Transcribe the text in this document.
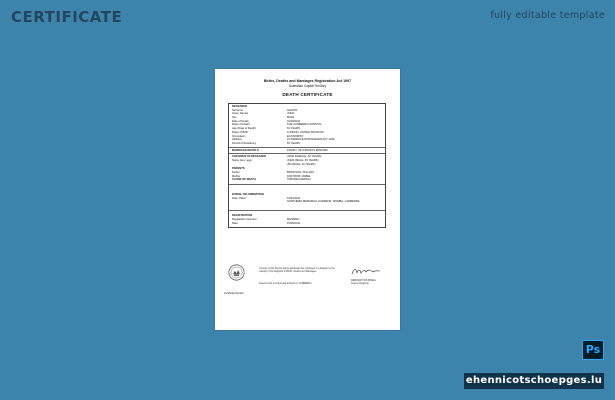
CERTIFICATE	fully editable template
Births, Deaths and Marriages Registration Act 1997
Australian Capital Territory
DEATH CERTIFICATE
DECEASED
Surname	LEGION
Given Names	JOHN
Sex	MALE
Date of Death	01/09/2011
Place of Death	THE CANBERRA HOSPITAL
Age (Date of Death)	81 YEARS
Place of Birth	LONDON, UNITED KINGDOM
Occupation	ECONOMIST
Address	15 TERRACE DOWNHAVEN ACT 4236
Period of Residency	81 YEARS
MARRIAGE DETAILS	FINNEY, IAN FRANCIS EDWARD
CHILDREN OF DECEASED	JANE (FEMALE, 52 YEARS)
Name (sex, age)	JOHN (MALE, 45 YEARS)
JIM (MALE, 20 YEARS)
PARENTS
Father	BRICKSON, WILLIAM
Mother	FANTROM, MABEL
CAUSE OF DEATH	STROKE/CARDIAC
BURIAL OR CREMATION
Date, Place	15/01/2011
NORTHERN MEMORIAL GARDENS, WOMBA, CANBERRA
REGISTRATION
Registration Number	8023681D
Date	15/09/2011
Certificate Number
I hereby certify that the above particulars are contained in a Register in the custody of the Registrar of Births, Deaths and Marriages.
Issued under my hand and authority in CANBERRA
DEBORAH SPURRELL
Deputy Registrar
Ps
ehennicotschoepges.lu
